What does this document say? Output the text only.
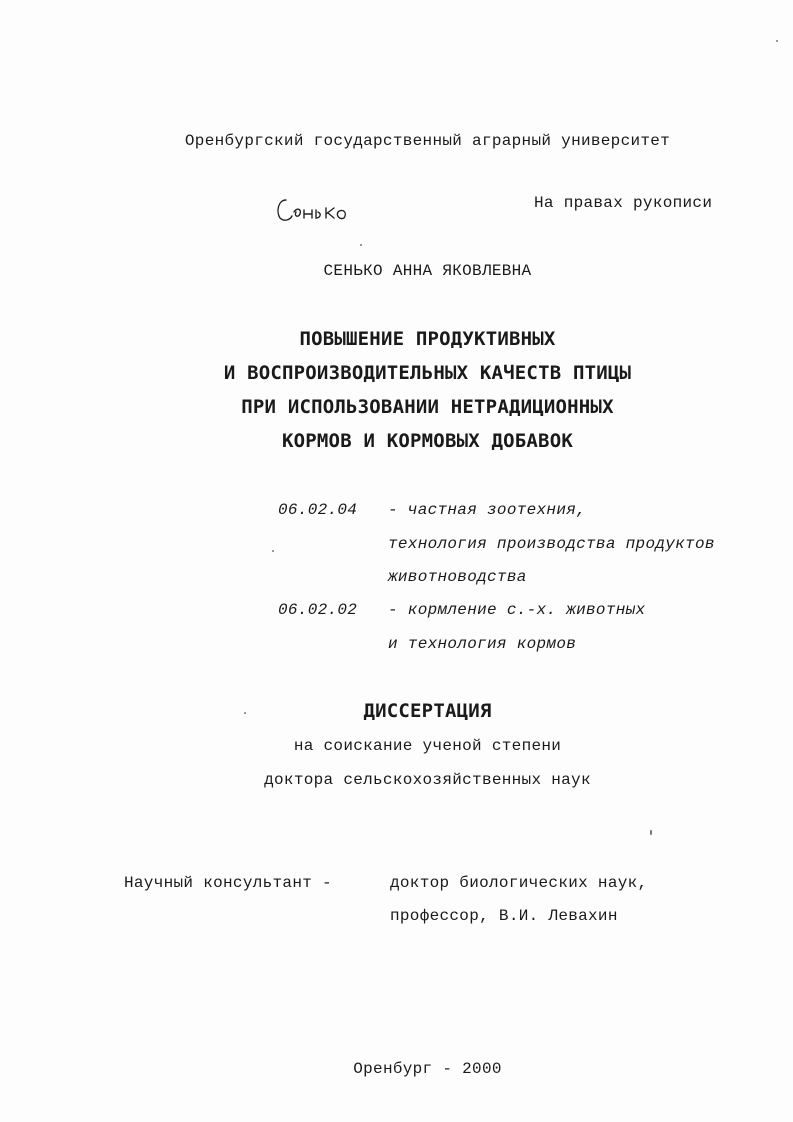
Оренбургский государственный аграрный университет
На правах рукописи
СЕНЬКО АННА ЯКОВЛЕВНА
ПОВЫШЕНИЕ ПРОДУКТИВНЫХ
И ВОСПРОИЗВОДИТЕЛЬНЫХ КАЧЕСТВ ПТИЦЫ
ПРИ ИСПОЛЬЗОВАНИИ НЕТРАДИЦИОННЫХ
КОРМОВ И КОРМОВЫХ ДОБАВОК
06.02.04 - частная зоотехния,
технология производства продуктов
животноводства
06.02.02 - кормление с.-х. животных
и технология кормов
ДИССЕРТАЦИЯ
на соискание ученой степени
доктора сельскохозяйственных наук
Научный консультант -	доктор биологических наук,
профессор, В.И. Левахин
Оренбург - 2000
